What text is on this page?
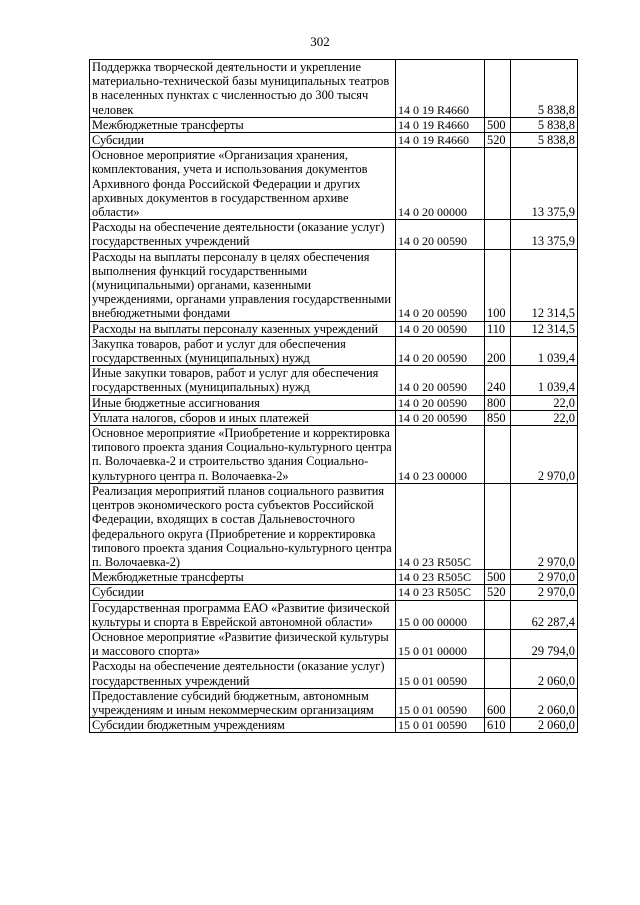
302
Поддержка творческой деятельности и укрепление материально-технической базы муниципальных театров в населенных пунктах с численностью до 300 тысяч человек	14 0 19 R4660		5 838,8
Межбюджетные трансферты	14 0 19 R4660	500	5 838,8
Субсидии	14 0 19 R4660	520	5 838,8
Основное мероприятие «Организация хранения, комплектования, учета и использования документов Архивного фонда Российской Федерации и других архивных документов в государственном архиве области»	14 0 20 00000		13 375,9
Расходы на обеспечение деятельности (оказание услуг) государственных учреждений	14 0 20 00590		13 375,9
Расходы на выплаты персоналу в целях обеспечения выполнения функций государственными (муниципальными) органами, казенными учреждениями, органами управления государственными внебюджетными фондами	14 0 20 00590	100	12 314,5
Расходы на выплаты персоналу казенных учреждений	14 0 20 00590	110	12 314,5
Закупка товаров, работ и услуг для обеспечения государственных (муниципальных) нужд	14 0 20 00590	200	1 039,4
Иные закупки товаров, работ и услуг для обеспечения государственных (муниципальных) нужд	14 0 20 00590	240	1 039,4
Иные бюджетные ассигнования	14 0 20 00590	800	22,0
Уплата налогов, сборов и иных платежей	14 0 20 00590	850	22,0
Основное мероприятие «Приобретение и корректировка типового проекта здания Социально-культурного центра п. Волочаевка-2 и строительство здания Социально-культурного центра п. Волочаевка-2»	14 0 23 00000		2 970,0
Реализация мероприятий планов социального развития центров экономического роста субъектов Российской Федерации, входящих в состав Дальневосточного федерального округа (Приобретение и корректировка типового проекта здания Социально-культурного центра п. Волочаевка-2)	14 0 23 R505С		2 970,0
Межбюджетные трансферты	14 0 23 R505С	500	2 970,0
Субсидии	14 0 23 R505С	520	2 970,0
Государственная программа ЕАО «Развитие физической культуры и спорта в Еврейской автономной области»	15 0 00 00000		62 287,4
Основное мероприятие «Развитие физической культуры и массового спорта»	15 0 01 00000		29 794,0
Расходы на обеспечение деятельности (оказание услуг) государственных учреждений	15 0 01 00590		2 060,0
Предоставление субсидий бюджетным, автономным учреждениям и иным некоммерческим организациям	15 0 01 00590	600	2 060,0
Субсидии бюджетным учреждениям	15 0 01 00590	610	2 060,0
